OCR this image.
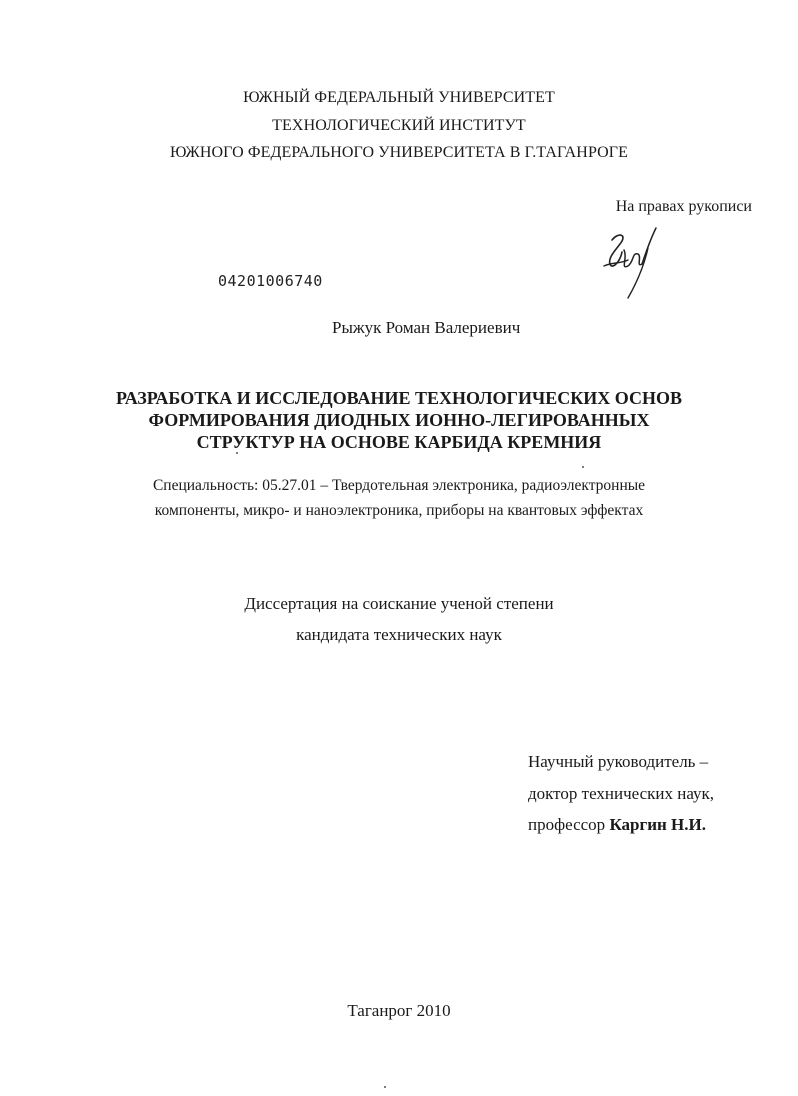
ЮЖНЫЙ ФЕДЕРАЛЬНЫЙ УНИВЕРСИТЕТ
ТЕХНОЛОГИЧЕСКИЙ ИНСТИТУТ
ЮЖНОГО ФЕДЕРАЛЬНОГО УНИВЕРСИТЕТА В Г.ТАГАНРОГЕ
На правах рукописи
04201006740
Рыжук Роман Валериевич
РАЗРАБОТКА И ИССЛЕДОВАНИЕ ТЕХНОЛОГИЧЕСКИХ ОСНОВ
ФОРМИРОВАНИЯ ДИОДНЫХ ИОННО-ЛЕГИРОВАННЫХ
СТРУКТУР НА ОСНОВЕ КАРБИДА КРЕМНИЯ
Специальность: 05.27.01 – Твердотельная электроника, радиоэлектронные
компоненты, микро- и наноэлектроника, приборы на квантовых эффектах
Диссертация на соискание ученой степени
кандидата технических наук
Научный руководитель –
доктор технических наук,
профессор Каргин Н.И.
Таганрог 2010
